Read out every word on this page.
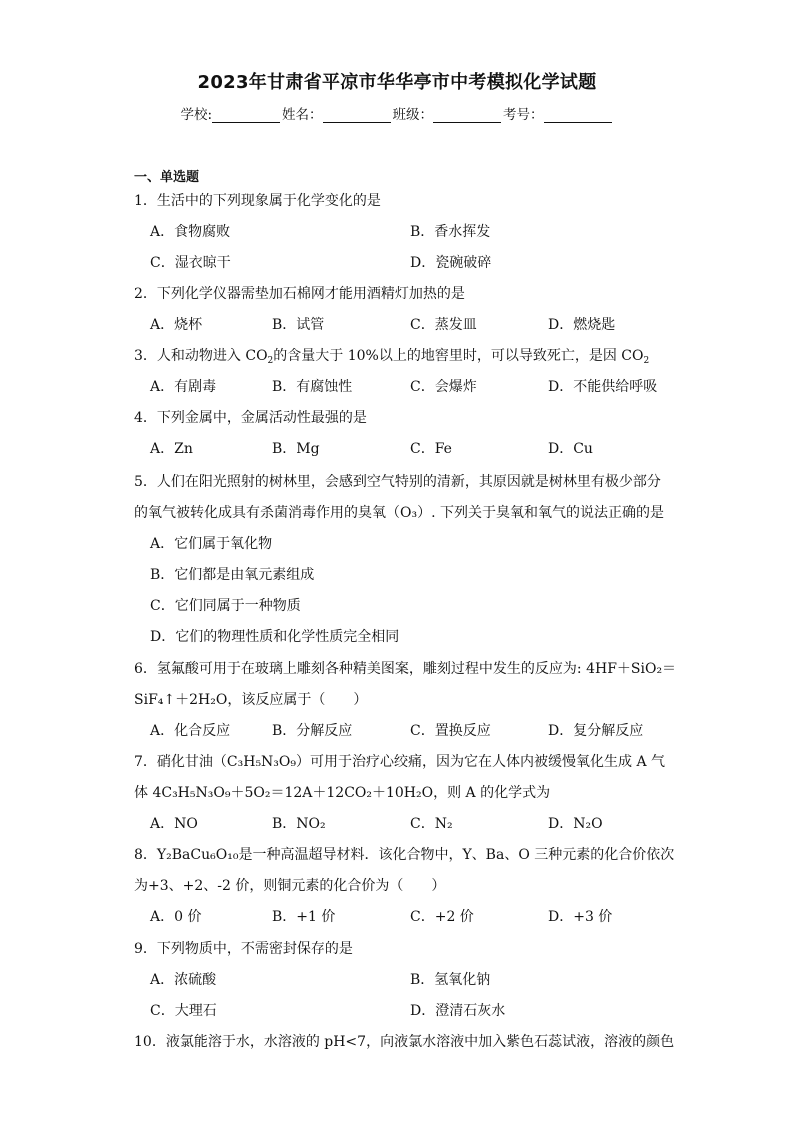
2023年甘肃省平凉市华华亭市中考模拟化学试题
学校:	姓名：	班级：	考号：
一、单选题
1．生活中的下列现象属于化学变化的是
A．食物腐败	B．香水挥发
C．湿衣晾干	D．瓷碗破碎
2．下列化学仪器需垫加石棉网才能用酒精灯加热的是
A．烧杯	B．试管	C．蒸发皿	D．燃烧匙
3．人和动物进入 $CO_2$的含量大于 10%以上的地窖里时，可以导致死亡，是因 $CO_2$
A．有剧毒	B．有腐蚀性	C．会爆炸	D．不能供给呼吸
4．下列金属中，金属活动性最强的是
A．Zn	B．Mg	C．Fe	D．Cu
5．人们在阳光照射的树林里，会感到空气特别的清新，其原因就是树林里有极少部分
的氧气被转化成具有杀菌消毒作用的臭氧（O₃）. 下列关于臭氧和氧气的说法正确的是
A．它们属于氧化物
B．它们都是由氧元素组成
C．它们同属于一种物质
D．它们的物理性质和化学性质完全相同
6．氢氟酸可用于在玻璃上雕刻各种精美图案，雕刻过程中发生的反应为: 4HF＋SiO₂＝
SiF₄↑＋2H₂O，该反应属于（　　）
A．化合反应	B．分解反应	C．置换反应	D．复分解反应
7．硝化甘油（C₃H₅N₃O₉）可用于治疗心绞痛，因为它在人体内被缓慢氧化生成 A 气
体 4C₃H₅N₃O₉＋5O₂＝12A＋12CO₂＋10H₂O，则 A 的化学式为
A．NO	B．NO₂	C．N₂	D．N₂O
8．Y₂BaCu₆O₁₀是一种高温超导材料．该化合物中，Y、Ba、O 三种元素的化合价依次
为+3、+2、-2 价，则铜元素的化合价为（　　）
A．0 价	B．+1 价	C．+2 价	D．+3 价
9．下列物质中，不需密封保存的是
A．浓硫酸	B．氢氧化钠
C．大理石	D．澄清石灰水
10．液氯能溶于水，水溶液的 pH<7，向液氯水溶液中加入紫色石蕊试液，溶液的颜色
